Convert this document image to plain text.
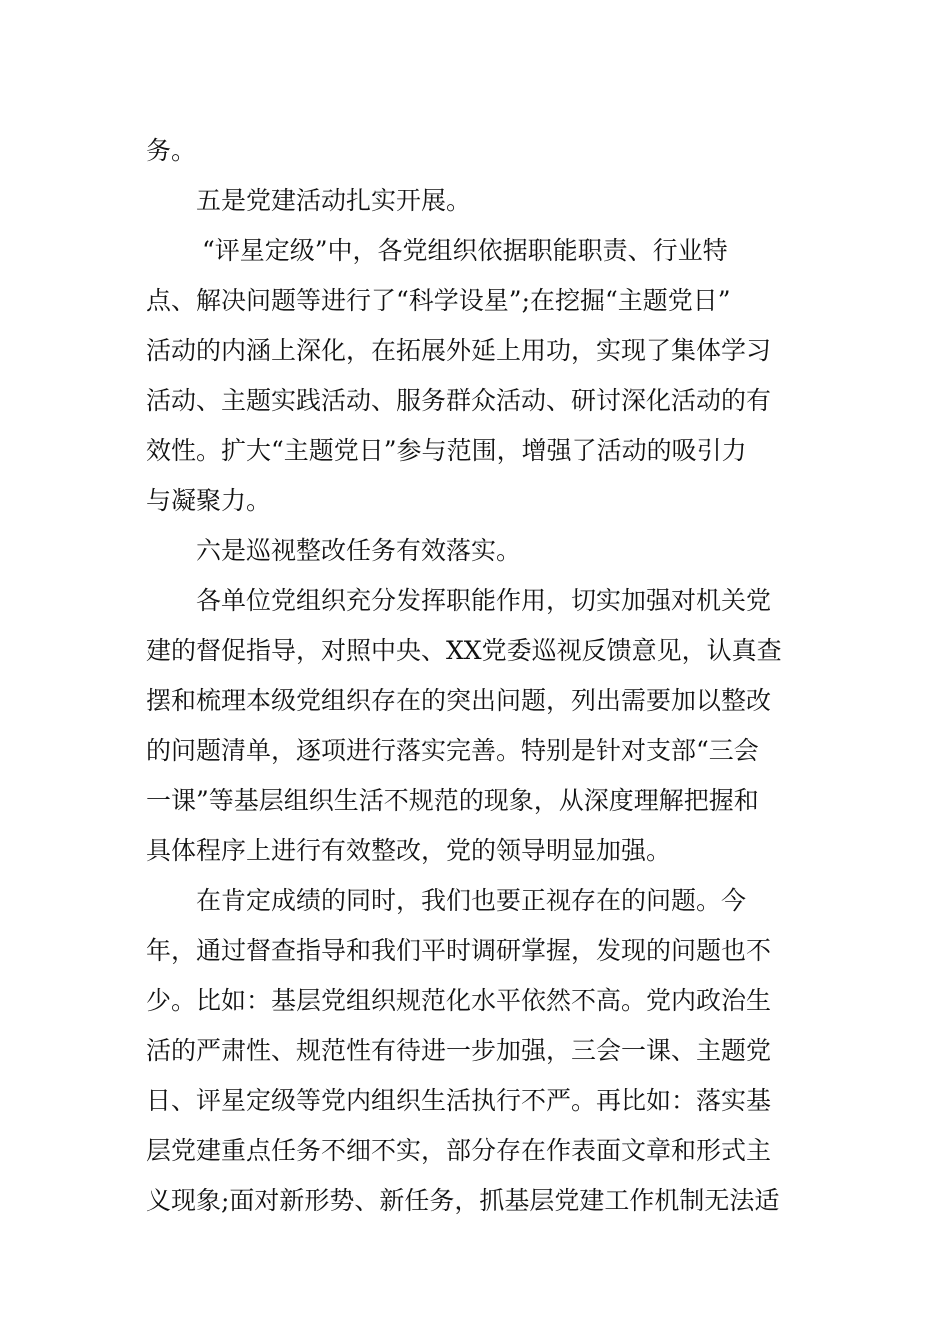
务。
五是党建活动扎实开展。
“评星定级”中，各党组织依据职能职责、行业特
点、解决问题等进行了“科学设星”;在挖掘“主题党日”
活动的内涵上深化，在拓展外延上用功，实现了集体学习
活动、主题实践活动、服务群众活动、研讨深化活动的有
效性。扩大“主题党日”参与范围，增强了活动的吸引力
与凝聚力。
六是巡视整改任务有效落实。
各单位党组织充分发挥职能作用，切实加强对机关党
建的督促指导，对照中央、XX党委巡视反馈意见，认真查
摆和梳理本级党组织存在的突出问题，列出需要加以整改
的问题清单，逐项进行落实完善。特别是针对支部“三会
一课”等基层组织生活不规范的现象，从深度理解把握和
具体程序上进行有效整改，党的领导明显加强。
在肯定成绩的同时，我们也要正视存在的问题。今
年，通过督查指导和我们平时调研掌握，发现的问题也不
少。比如：基层党组织规范化水平依然不高。党内政治生
活的严肃性、规范性有待进一步加强，三会一课、主题党
日、评星定级等党内组织生活执行不严。再比如：落实基
层党建重点任务不细不实，部分存在作表面文章和形式主
义现象;面对新形势、新任务，抓基层党建工作机制无法适
